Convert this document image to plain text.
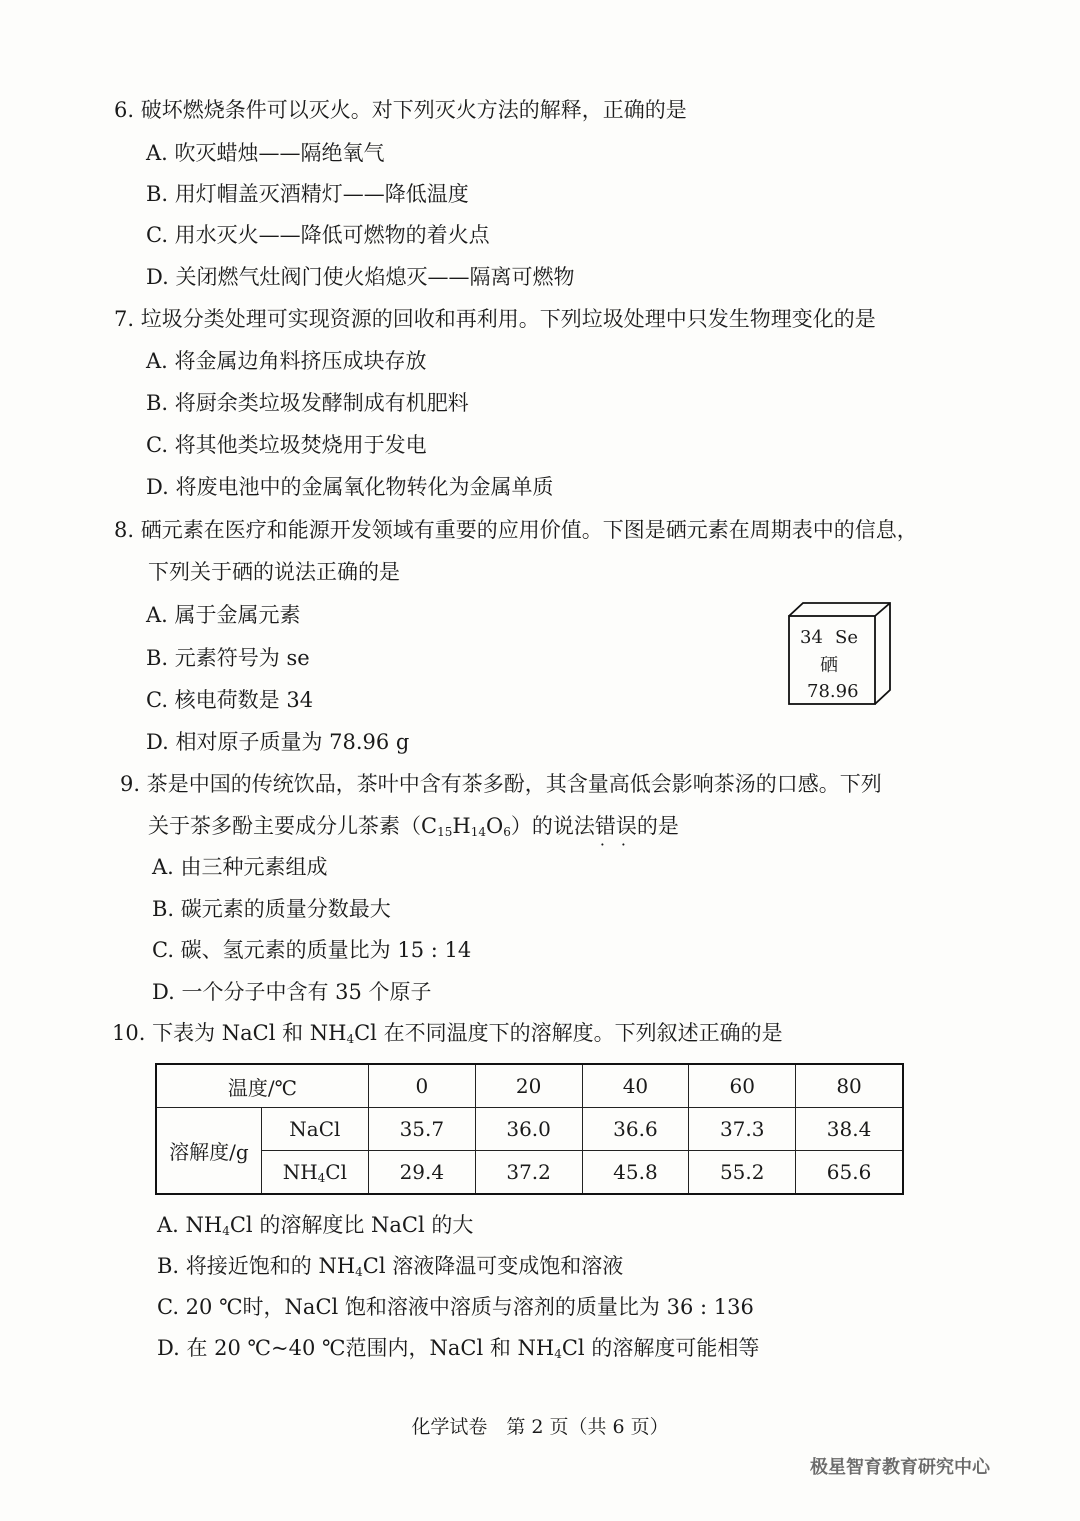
6. 破坏燃烧条件可以灭火。对下列灭火方法的解释，正确的是
A. 吹灭蜡烛——隔绝氧气
B. 用灯帽盖灭酒精灯——降低温度
C. 用水灭火——降低可燃物的着火点
D. 关闭燃气灶阀门使火焰熄灭——隔离可燃物
7. 垃圾分类处理可实现资源的回收和再利用。下列垃圾处理中只发生物理变化的是
A. 将金属边角料挤压成块存放
B. 将厨余类垃圾发酵制成有机肥料
C. 将其他类垃圾焚烧用于发电
D. 将废电池中的金属氧化物转化为金属单质
8. 硒元素在医疗和能源开发领域有重要的应用价值。下图是硒元素在周期表中的信息，
下列关于硒的说法正确的是
A. 属于金属元素
B. 元素符号为 se
C. 核电荷数是 34
D. 相对原子质量为 78.96 g
34 Se
硒
78.96
9. 茶是中国的传统饮品，茶叶中含有茶多酚，其含量高低会影响茶汤的口感。下列
关于茶多酚主要成分儿茶素$(C_{15}H_{14}O_6)$的说法错误
· ·
的是
A. 由三种元素组成
B. 碳元素的质量分数最大
C. 碳、氢元素的质量比为 15 : 14
D. 一个分子中含有 35 个原子
10. 下表为 NaCl 和 $NH_4Cl$ 在不同温度下的溶解度。下列叙述正确的是
温度/℃		0	20	40	60	80
溶解度/g	NaCl	35.7	36.0	36.6	37.3	38.4
	$NH_4Cl$	29.4	37.2	45.8	55.2	65.6
A. $NH_4Cl$ 的溶解度比 NaCl 的大
B. 将接近饱和的 $NH_4Cl$ 溶液降温可变成饱和溶液
C. 20 ℃时，NaCl 饱和溶液中溶质与溶剂的质量比为 36 : 136
D. 在 20 ℃~40 ℃范围内，NaCl 和 $NH_4Cl$ 的溶解度可能相等
化学试卷　第 2 页（共 6 页）
极星智育教育研究中心
